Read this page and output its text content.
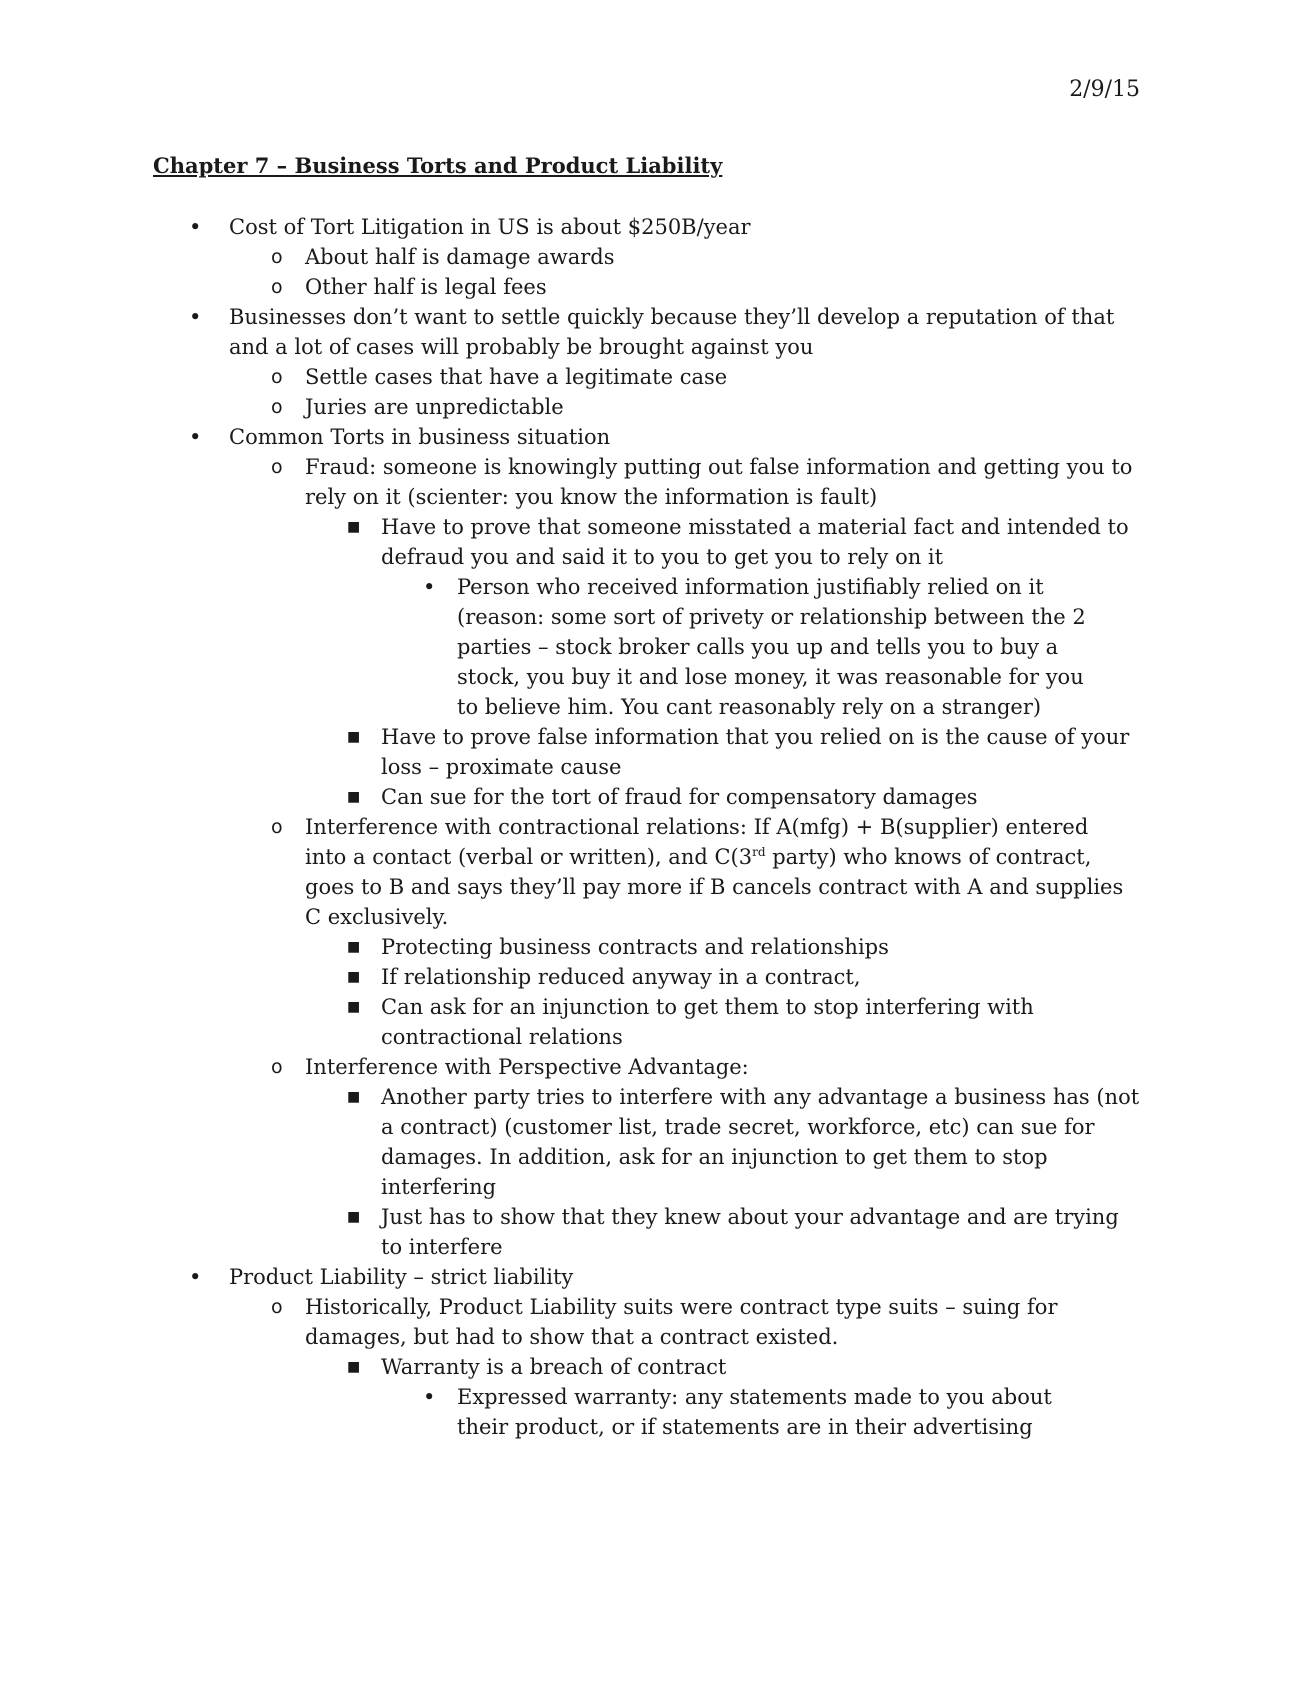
2/9/15
Chapter 7 – Business Torts and Product Liability
• Cost of Tort Litigation in US is about $250B/year
o About half is damage awards
o Other half is legal fees
• Businesses don’t want to settle quickly because they’ll develop a reputation of that and a lot of cases will probably be brought against you
o Settle cases that have a legitimate case
o Juries are unpredictable
• Common Torts in business situation
o Fraud: someone is knowingly putting out false information and getting you to rely on it (scienter: you know the information is fault)
■ Have to prove that someone misstated a material fact and intended to defraud you and said it to you to get you to rely on it
• Person who received information justifiably relied on it (reason: some sort of privety or relationship between the 2 parties – stock broker calls you up and tells you to buy a stock, you buy it and lose money, it was reasonable for you to believe him. You cant reasonably rely on a stranger)
■ Have to prove false information that you relied on is the cause of your loss – proximate cause
■ Can sue for the tort of fraud for compensatory damages
o Interference with contractional relations: If A(mfg) + B(supplier) entered into a contact (verbal or written), and C(3rd party) who knows of contract, goes to B and says they’ll pay more if B cancels contract with A and supplies C exclusively.
■ Protecting business contracts and relationships
■ If relationship reduced anyway in a contract,
■ Can ask for an injunction to get them to stop interfering with contractional relations
o Interference with Perspective Advantage:
■ Another party tries to interfere with any advantage a business has (not a contract) (customer list, trade secret, workforce, etc) can sue for damages. In addition, ask for an injunction to get them to stop interfering
■ Just has to show that they knew about your advantage and are trying to interfere
• Product Liability – strict liability
o Historically, Product Liability suits were contract type suits – suing for damages, but had to show that a contract existed.
■ Warranty is a breach of contract
• Expressed warranty: any statements made to you about their product, or if statements are in their advertising
